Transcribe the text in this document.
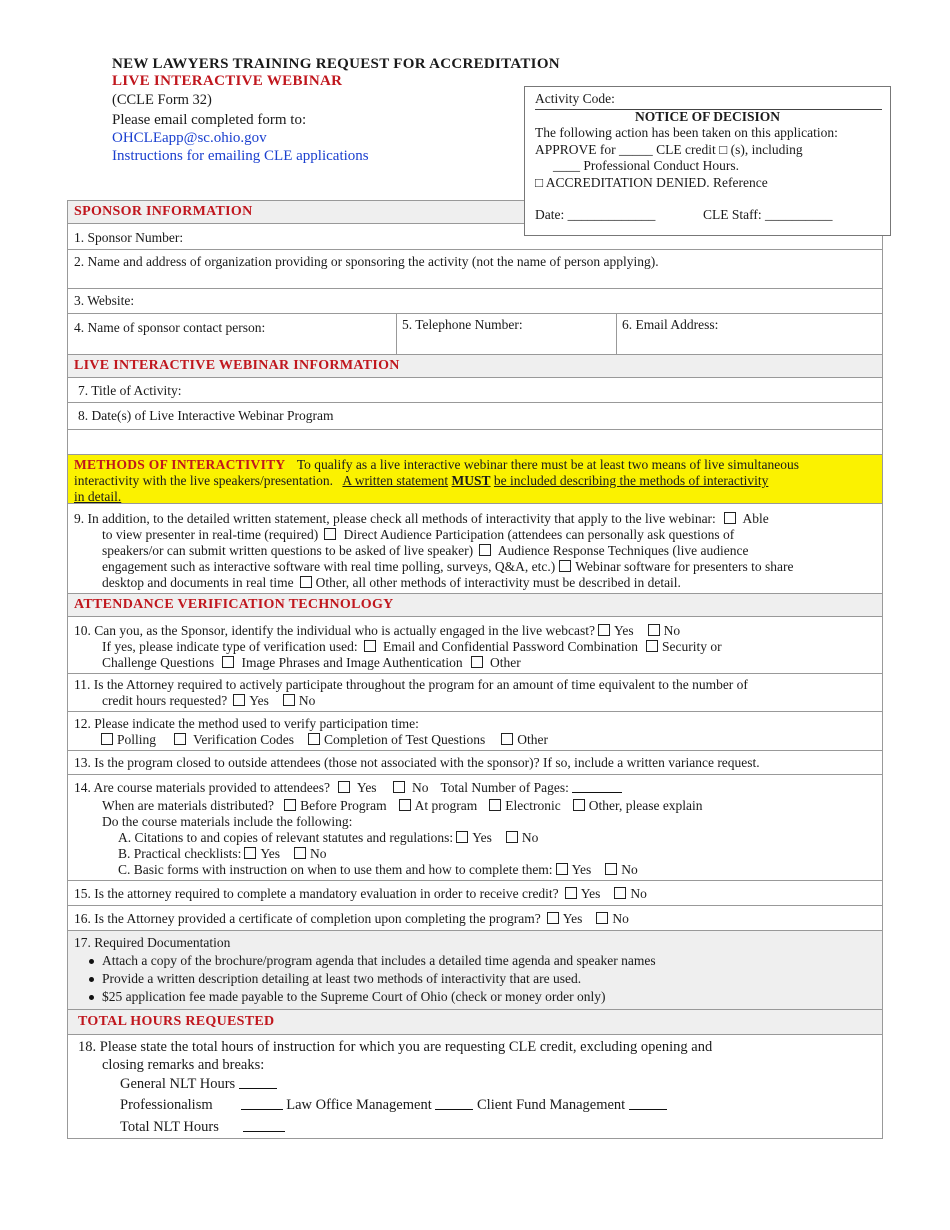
NEW LAWYERS TRAINING REQUEST FOR ACCREDITATION
LIVE INTERACTIVE WEBINAR
(CCLE Form 32)
Please email completed form to:
OHCLEapp@sc.ohio.gov
Instructions for emailing CLE applications
Activity Code:
NOTICE OF DECISION
The following action has been taken on this application:
APPROVE for _____ CLE credit □ (s), including
____ Professional Conduct Hours.
□ ACCREDITATION DENIED. Reference
Date: _____________	CLE Staff: __________
SPONSOR INFORMATION
1. Sponsor Number:
2. Name and address of organization providing or sponsoring the activity (not the name of person applying).
3. Website:
4. Name of sponsor contact person:	5. Telephone Number:	6. Email Address:
LIVE INTERACTIVE WEBINAR INFORMATION
7. Title of Activity:
8. Date(s) of Live Interactive Webinar Program
METHODS OF INTERACTIVITY To qualify as a live interactive webinar there must be at least two means of live simultaneous
interactivity with the live speakers/presentation. A written statement MUST be included describing the methods of interactivity
in detail.
9. In addition, to the detailed written statement, please check all methods of interactivity that apply to the live webinar: Able
to view presenter in real-time (required) Direct Audience Participation (attendees can personally ask questions of
speakers/or can submit written questions to be asked of live speaker) Audience Response Techniques (live audience
engagement such as interactive software with real time polling, surveys, Q&A, etc.) Webinar software for presenters to share
desktop and documents in real time Other, all other methods of interactivity must be described in detail.
ATTENDANCE VERIFICATION TECHNOLOGY
10. Can you, as the Sponsor, identify the individual who is actually engaged in the live webcast? Yes No
If yes, please indicate type of verification used: Email and Confidential Password Combination Security or
Challenge Questions Image Phrases and Image Authentication Other
11. Is the Attorney required to actively participate throughout the program for an amount of time equivalent to the number of
credit hours requested? Yes No
12. Please indicate the method used to verify participation time:
Polling	Verification Codes Completion of Test Questions Other
13. Is the program closed to outside attendees (those not associated with the sponsor)? If so, include a written variance request.
14. Are course materials provided to attendees? Yes	No Total Number of Pages:
When are materials distributed? Before Program At program Electronic Other, please explain
Do the course materials include the following:
A. Citations to and copies of relevant statutes and regulations: Yes No
B. Practical checklists: Yes No
C. Basic forms with instruction on when to use them and how to complete them: Yes No
15. Is the attorney required to complete a mandatory evaluation in order to receive credit? Yes No
16. Is the Attorney provided a certificate of completion upon completing the program? Yes No
17. Required Documentation
Attach a copy of the brochure/program agenda that includes a detailed time agenda and speaker names
Provide a written description detailing at least two methods of interactivity that are used.
$25 application fee made payable to the Supreme Court of Ohio (check or money order only)
TOTAL HOURS REQUESTED
18. Please state the total hours of instruction for which you are requesting CLE credit, excluding opening and
closing remarks and breaks:
General NLT Hours
Professionalism	Law Office Management	Client Fund Management
Total NLT Hours
